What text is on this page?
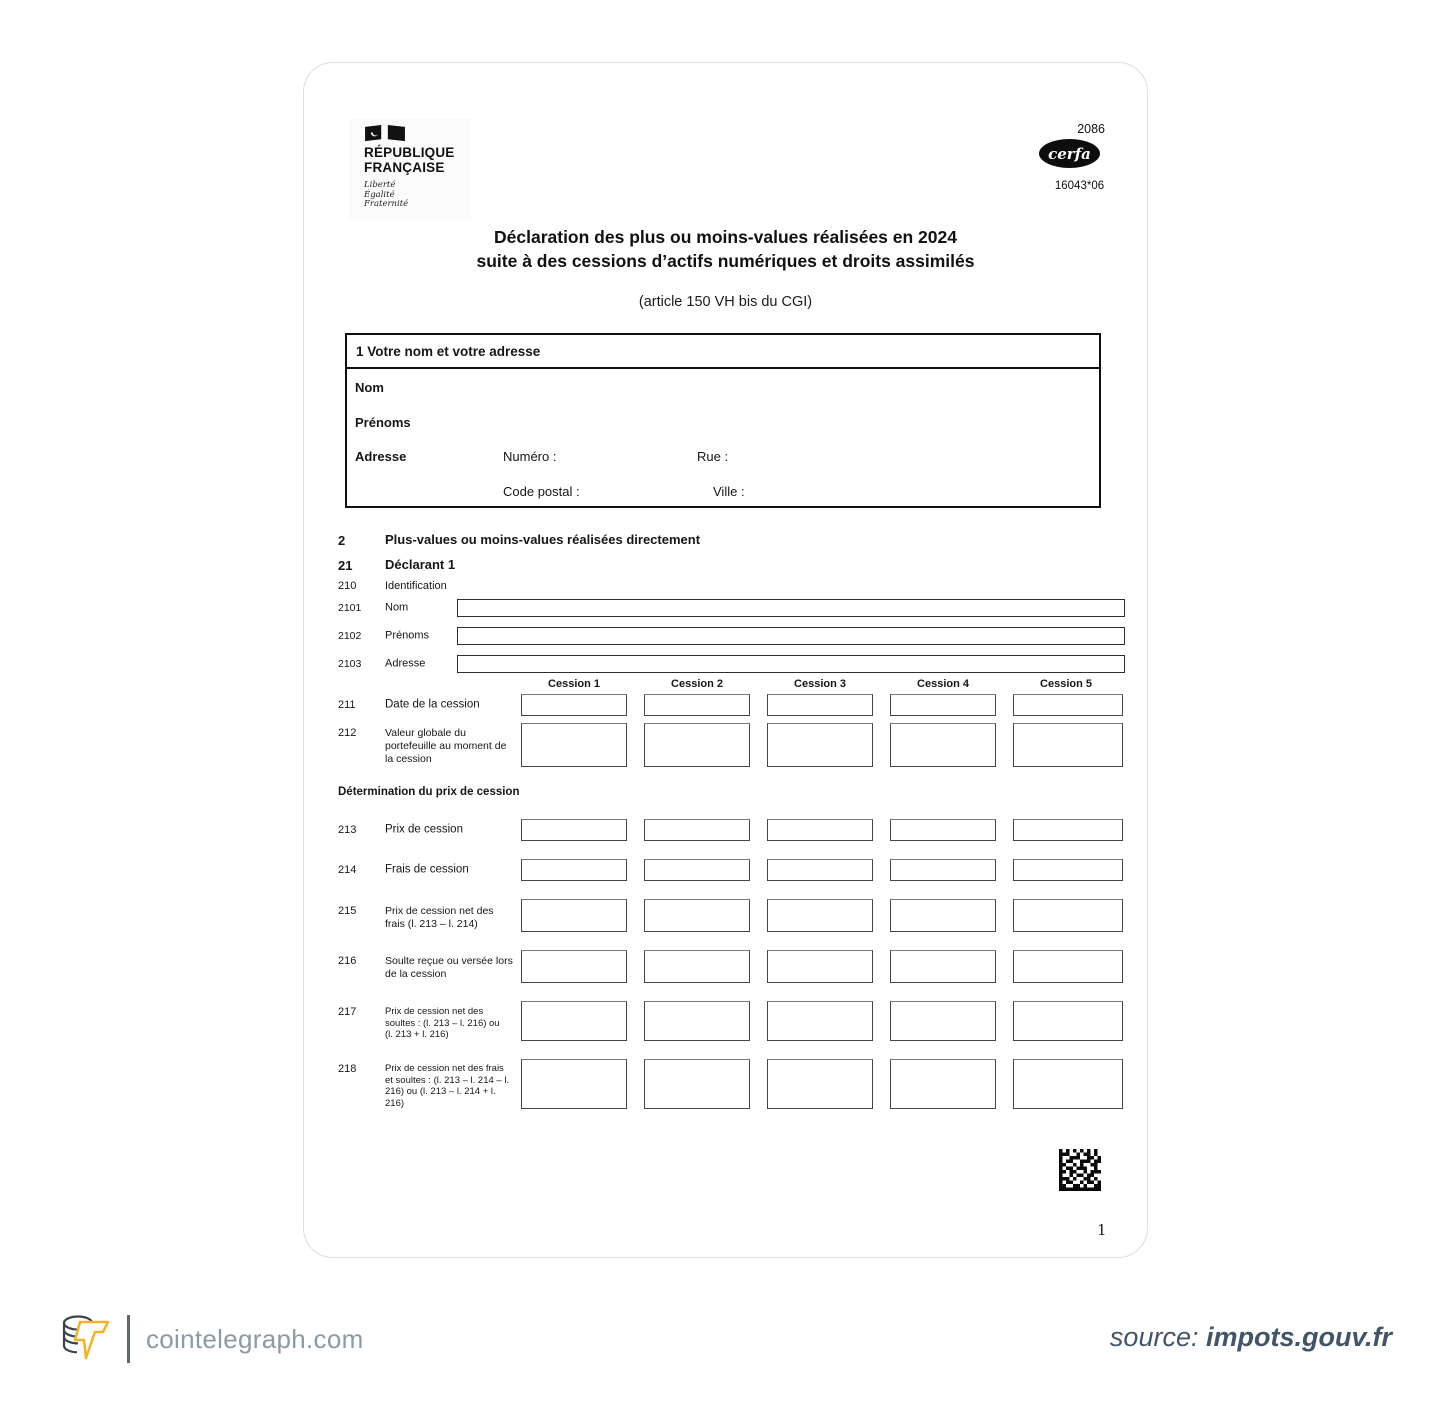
RÉPUBLIQUE
FRANÇAISE
Liberté
Égalité
Fraternité
2086
cerfa
16043*06
Déclaration des plus ou moins-values réalisées en 2024
suite à des cessions d’actifs numériques et droits assimilés
(article 150 VH bis du CGI)
1 Votre nom et votre adresse
Nom
Prénoms
Adresse	Numéro :	Rue :
Code postal :	Ville :
2	Plus-values ou moins-values réalisées directement
21	Déclarant 1
210	Identification
2101 Nom
2102 Prénoms
2103 Adresse
Cession 1	Cession 2	Cession 3	Cession 4	Cession 5
211	Date de la cession
212	Valeur globale du portefeuille au moment de la cession
Détermination du prix de cession
213 Prix de cession
214 Frais de cession
215	Prix de cession net des frais (l. 213 – l. 214)
216	Soulte reçue ou versée lors de la cession
217	Prix de cession net des soultes : (l. 213 – l. 216) ou (l. 213 + l. 216)
218	Prix de cession net des frais et soultes : (l. 213 – l. 214 – l. 216) ou (l. 213 – l. 214 + l. 216)
1
cointelegraph.com	source: impots.gouv.fr
